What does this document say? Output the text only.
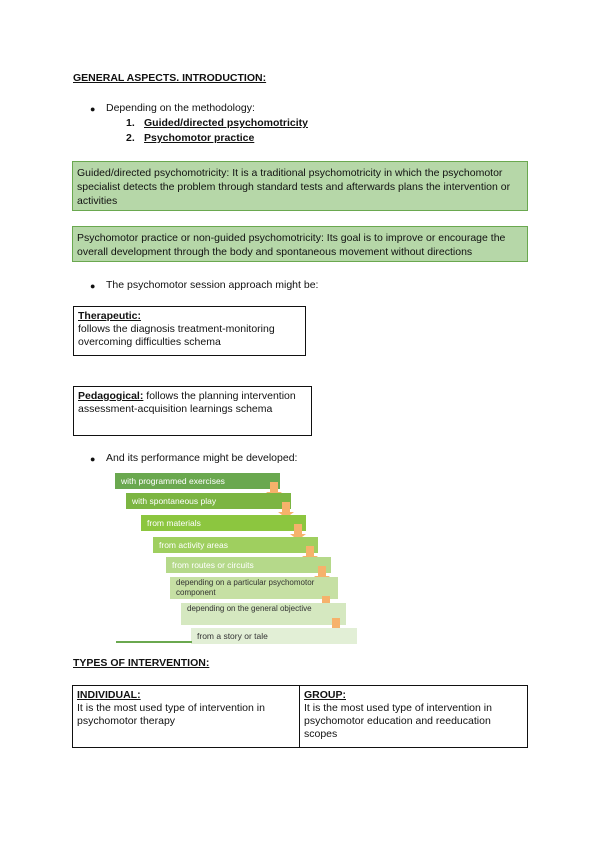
GENERAL ASPECTS. INTRODUCTION:
●	Depending on the methodology:
1. Guided/directed psychomotricity
2. Psychomotor practice
Guided/directed psychomotricity: It is a traditional psychomotricity in which the psychomotor specialist detects the problem through standard tests and afterwards plans the intervention or activities
Psychomotor practice or non-guided psychomotricity: Its goal is to improve or encourage the overall development through the body and spontaneous movement without directions
●	The psychomotor session approach might be:
Therapeutic:
follows the diagnosis treatment-monitoring overcoming difficulties schema
Pedagogical: follows the planning intervention assessment-acquisition learnings schema
●	And its performance might be developed:
with programmed exercises
with spontaneous play
from materials
from activity areas
from routes or circuits
depending on a particular psychomotor component
depending on the general objective
from a story or tale
TYPES OF INTERVENTION:
INDIVIDUAL:
It is the most used type of intervention in psychomotor therapy

GROUP:
It is the most used type of intervention in psychomotor education and reeducation scopes
